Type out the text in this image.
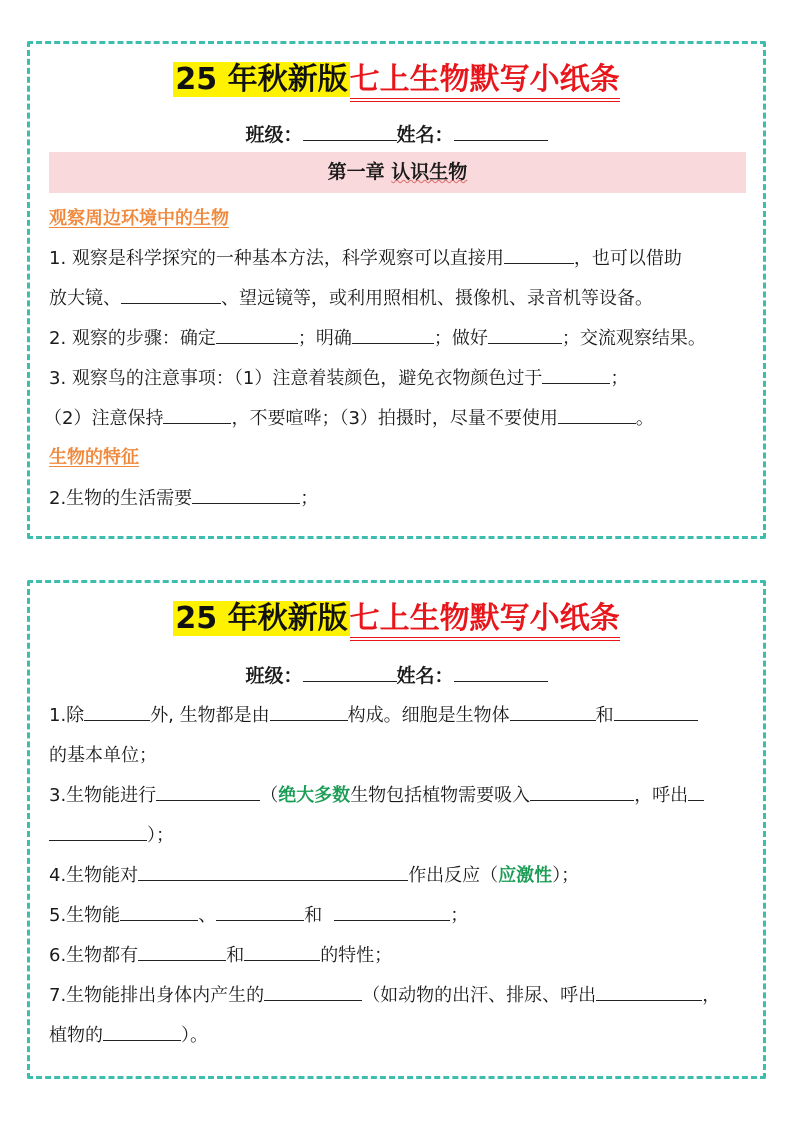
25 年秋新版七上生物默写小纸条
班级：	姓名：
第一章 认识生物
观察周边环境中的生物
1. 观察是科学探究的一种基本方法，科学观察可以直接用	，也可以借助
放大镜、	、望远镜等，或利用照相机、摄像机、录音机等设备。
2. 观察的步骤：确定	；明确	；做好	；交流观察结果。
3. 观察鸟的注意事项：（1）注意着装颜色，避免衣物颜色过于	；
（2）注意保持	，不要喧哗；（3）拍摄时，尽量不要使用	。
生物的特征
2.生物的生活需要	；
25 年秋新版七上生物默写小纸条
班级：	姓名：
1.除	外, 生物都是由	构成。细胞是生物体	和
的基本单位；
3.生物能进行	（绝大多数生物包括植物需要吸入	，呼出
）；
4.生物能对	作出反应（应激性）；
5.生物能	、	和	；
6.生物都有	和	的特性；
7.生物能排出身体内产生的	（如动物的出汗、排尿、呼出	，
植物的	）。
